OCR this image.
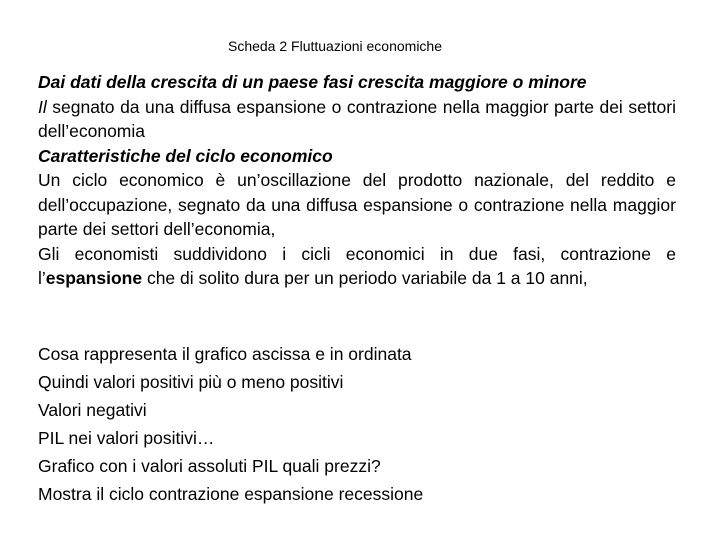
Scheda 2 Fluttuazioni economiche

Dai dati della crescita di un paese fasi crescita maggiore o minore

Il segnato da una diffusa espansione o contrazione nella maggior parte dei settori dell’economia

Caratteristiche del ciclo economico

Un ciclo economico è un’oscillazione del prodotto nazionale, del reddito e dell’occupazione, segnato da una diffusa espansione o contrazione nella maggior parte dei settori dell’economia,

Gli economisti suddividono i cicli economici in due fasi, contrazione e l’espansione che di solito dura per un periodo variabile da 1 a 10 anni,

Cosa rappresenta il grafico ascissa e in ordinata
Quindi valori positivi più o meno positivi
Valori negativi
PIL nei valori positivi…
Grafico con i valori assoluti PIL quali prezzi?
Mostra il ciclo contrazione espansione recessione
